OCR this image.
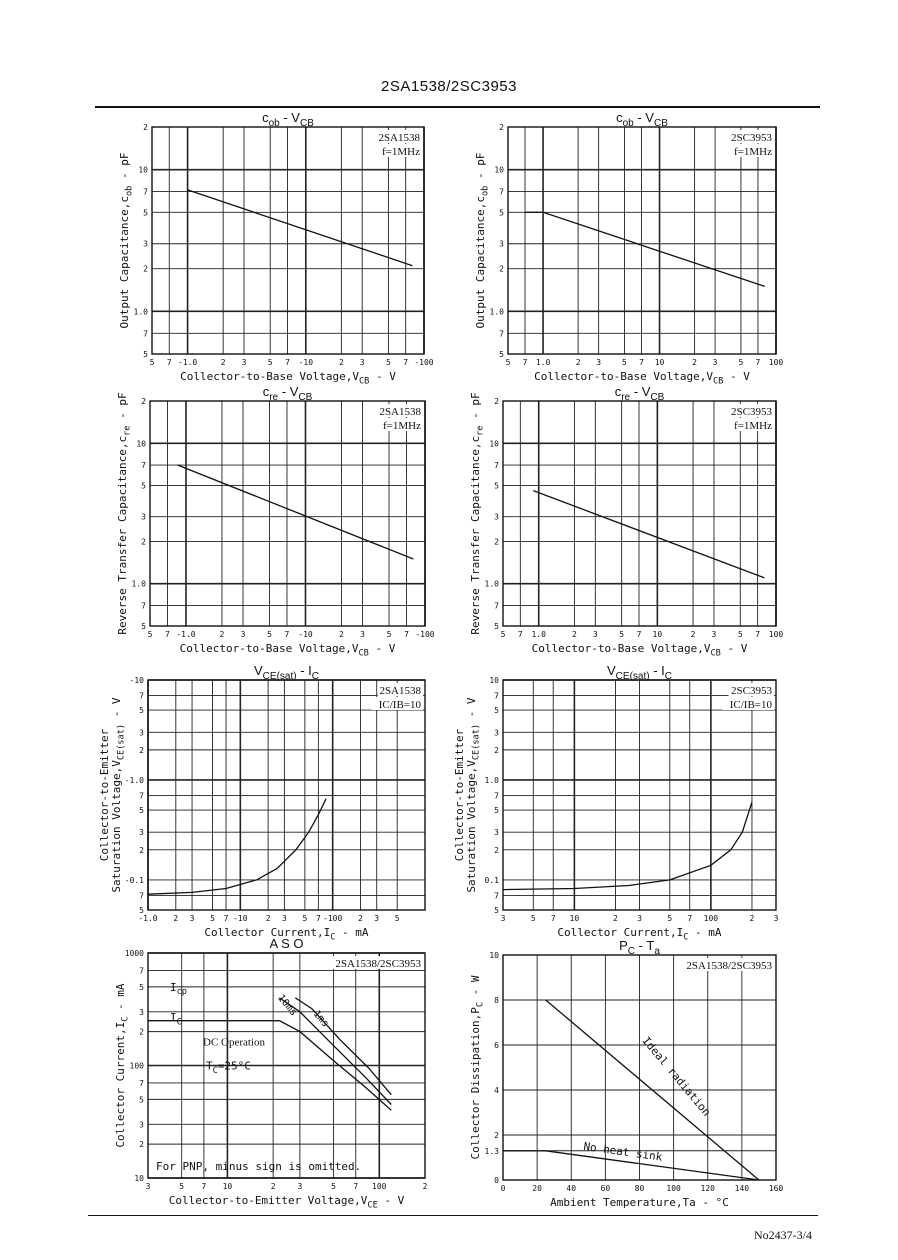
2SA1538/2SC3953
5 7 -1.0	2 3	5 7 -10	2 3	5 7 -100
5
7
1.0
2
3
5
7
10
2
$c_{ob} - V_{CB}$
Collector-to-Base $Voltage,V_{CB}$ - V
Output $Capacitance,c_{ob}$ - pF
2SA1538
f=1MHz
5 7 1.0	2 3	5 7 10	2 3	5 7 100
5
7
1.0
2
3
5
7
10
2
$c_{ob} - V_{CB}$
Collector-to-Base $Voltage,V_{CB}$ - V
Output $Capacitance,c_{ob}$ - pF
2SC3953
f=1MHz
5 7 -1.0	2 3	5 7 -10	2 3	5 7 -100
5
7
1.0
2
3
5
7
10
2
$c_{re} - V_{CB}$
Collector-to-Base $Voltage,V_{CB}$ - V
Reverse Transfer $Capacitance,c_{re}$ - pF	2SA1538
f=1MHz
5 7 1.0	2 3	5 7 10	2 3	5 7 100
5
7
1.0
2
3
5
7
10
2
$c_{re} - V_{CB}$
Collector-to-Base $Voltage,V_{CB}$ - V
Reverse Transfer $Capacitance,c_{re}$ - pF	2SC3953
f=1MHz
-1.0 2 3 5 7 -10 2 3 5 7 -100 2 3 5
5
7
-0.1
2
3
5
7
-1.0
2
3
5
7
-10
$V_{CE(sat)} - I_C$
Collector $Current,I_C$ - mA
Collector-to-Emitter Saturation $Voltage,V_{CE(sat)}$ - V
2SA1538
IC/IB=10
3	5 7 10	2 3	5 7 100	2 3
5
7
0.1
2
3
5
7
1.0
2
3
5
7
10
$V_{CE(sat)} - I_C$
Collector $Current,I_C$ - mA
Collector-to-Emitter Saturation $Voltage,V_{CE(sat)}$ - V
2SC3953
IC/IB=10
3	5 7 10	2	3	5 7 100	2
10
2
3
5
7
100
2
3
5
7
1000
A S O
Collector-to-Emitter $Voltage,V_{CE}$ - V
Collector $Current,I_C$ - mA
2SA1538/2SC3953
$I_{cp}$
$I_C$
DC Operation
$T_C=25^\circ C$
10ms
1ms
For PNP, minus sign is omitted.
0	20	40	60	80	100 120 140 160
0
1.3
2
4
6
8
10
$P_C - T_a$
Ambient Temperature,Ta - °C
Collector $Dissipation,P_C$ - W
2SA1538/2SC3953
Ideal radiation
No heat sink
No2437-3/4
